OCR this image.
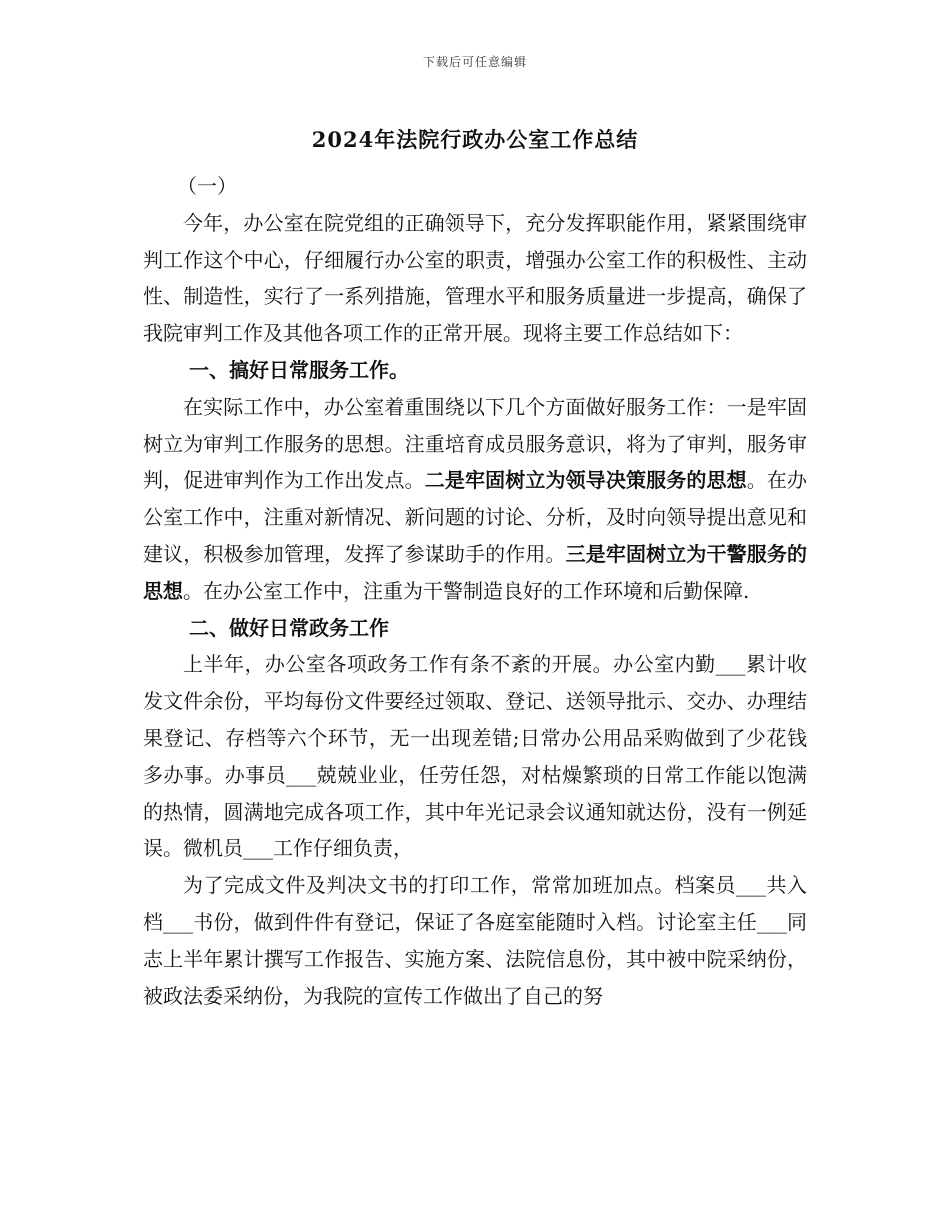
下载后可任意编辑
2024年法院行政办公室工作总结

（一）

今年，办公室在院党组的正确领导下，充分发挥职能作用，紧紧围绕审判工作这个中心，仔细履行办公室的职责，增强办公室工作的积极性、主动性、制造性，实行了一系列措施，管理水平和服务质量进一步提高，确保了我院审判工作及其他各项工作的正常开展。现将主要工作总结如下：

一、搞好日常服务工作。

在实际工作中，办公室着重围绕以下几个方面做好服务工作：一是牢固树立为审判工作服务的思想。注重培育成员服务意识，将为了审判，服务审判，促进审判作为工作出发点。二是牢固树立为领导决策服务的思想。在办公室工作中，注重对新情况、新问题的讨论、分析，及时向领导提出意见和建议，积极参加管理，发挥了参谋助手的作用。三是牢固树立为干警服务的思想。在办公室工作中，注重为干警制造良好的工作环境和后勤保障.

二、做好日常政务工作

上半年，办公室各项政务工作有条不紊的开展。办公室内勤___累计收发文件余份，平均每份文件要经过领取、登记、送领导批示、交办、办理结果登记、存档等六个环节，无一出现差错;日常办公用品采购做到了少花钱多办事。办事员___兢兢业业，任劳任怨，对枯燥繁琐的日常工作能以饱满的热情，圆满地完成各项工作，其中年光记录会议通知就达份，没有一例延误。微机员___工作仔细负责，

为了完成文件及判决文书的打印工作，常常加班加点。档案员___共入档___书份，做到件件有登记，保证了各庭室能随时入档。讨论室主任___同志上半年累计撰写工作报告、实施方案、法院信息份，其中被中院采纳份，被政法委采纳份，为我院的宣传工作做出了自己的努
